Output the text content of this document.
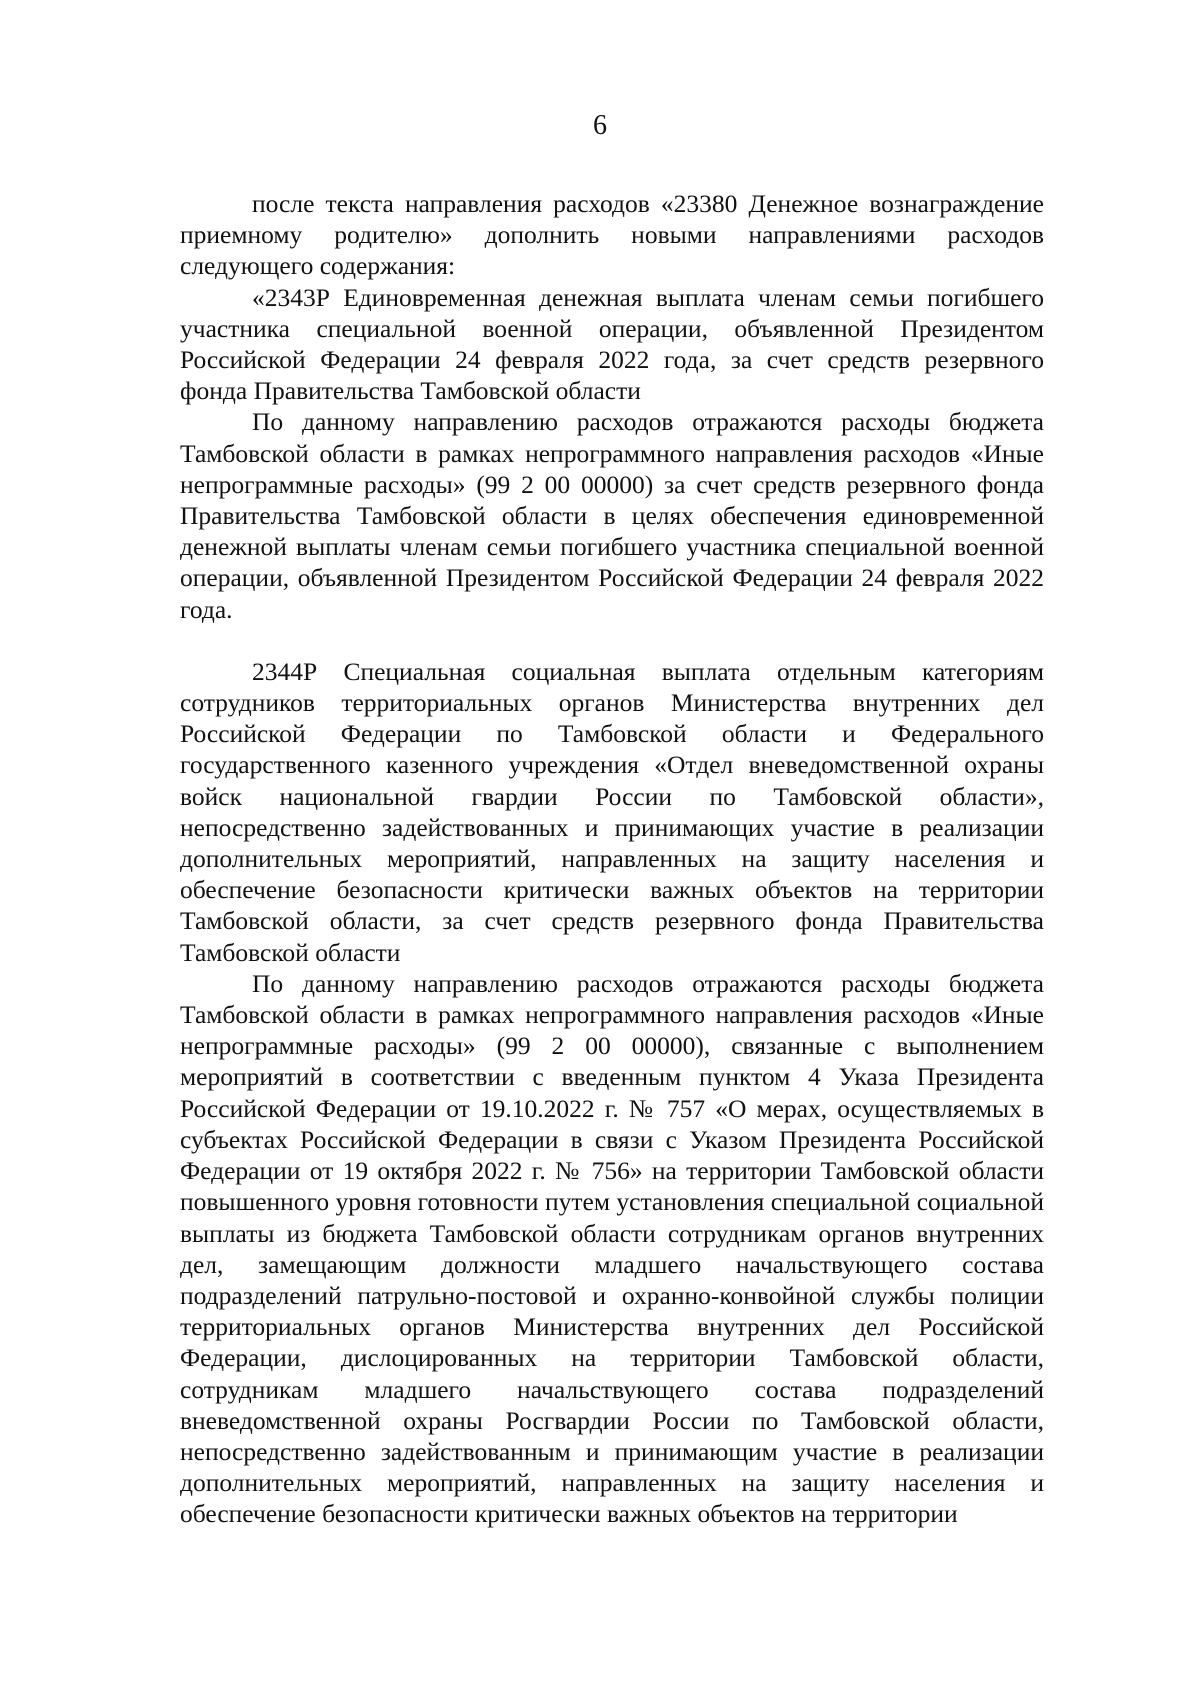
6

после текста направления расходов «23380 Денежное вознаграждение приемному родителю» дополнить новыми направлениями расходов следующего содержания:

«2343Р Единовременная денежная выплата членам семьи погибшего участника специальной военной операции, объявленной Президентом Российской Федерации 24 февраля 2022 года, за счет средств резервного фонда Правительства Тамбовской области

По данному направлению расходов отражаются расходы бюджета Тамбовской области в рамках непрограммного направления расходов «Иные непрограммные расходы» (99 2 00 00000) за счет средств резервного фонда Правительства Тамбовской области в целях обеспечения единовременной денежной выплаты членам семьи погибшего участника специальной военной операции, объявленной Президентом Российской Федерации 24 февраля 2022 года.

2344Р Специальная социальная выплата отдельным категориям сотрудников территориальных органов Министерства внутренних дел Российской Федерации по Тамбовской области и Федерального государственного казенного учреждения «Отдел вневедомственной охраны войск национальной гвардии России по Тамбовской области», непосредственно задействованных и принимающих участие в реализации дополнительных мероприятий, направленных на защиту населения и обеспечение безопасности критически важных объектов на территории Тамбовской области, за счет средств резервного фонда Правительства Тамбовской области

По данному направлению расходов отражаются расходы бюджета Тамбовской области в рамках непрограммного направления расходов «Иные непрограммные расходы» (99 2 00 00000), связанные с выполнением мероприятий в соответствии с введенным пунктом 4 Указа Президента Российской Федерации от 19.10.2022 г. № 757 «О мерах, осуществляемых в субъектах Российской Федерации в связи с Указом Президента Российской Федерации от 19 октября 2022 г. № 756» на территории Тамбовской области повышенного уровня готовности путем установления специальной социальной выплаты из бюджета Тамбовской области сотрудникам органов внутренних дел, замещающим должности младшего начальствующего состава подразделений патрульно-постовой и охранно-конвойной службы полиции территориальных органов Министерства внутренних дел Российской Федерации, дислоцированных на территории Тамбовской области, сотрудникам младшего начальствующего состава подразделений вневедомственной охраны Росгвардии России по Тамбовской области, непосредственно задействованным и принимающим участие в реализации дополнительных мероприятий, направленных на защиту населения и обеспечение безопасности критически важных объектов на территории
